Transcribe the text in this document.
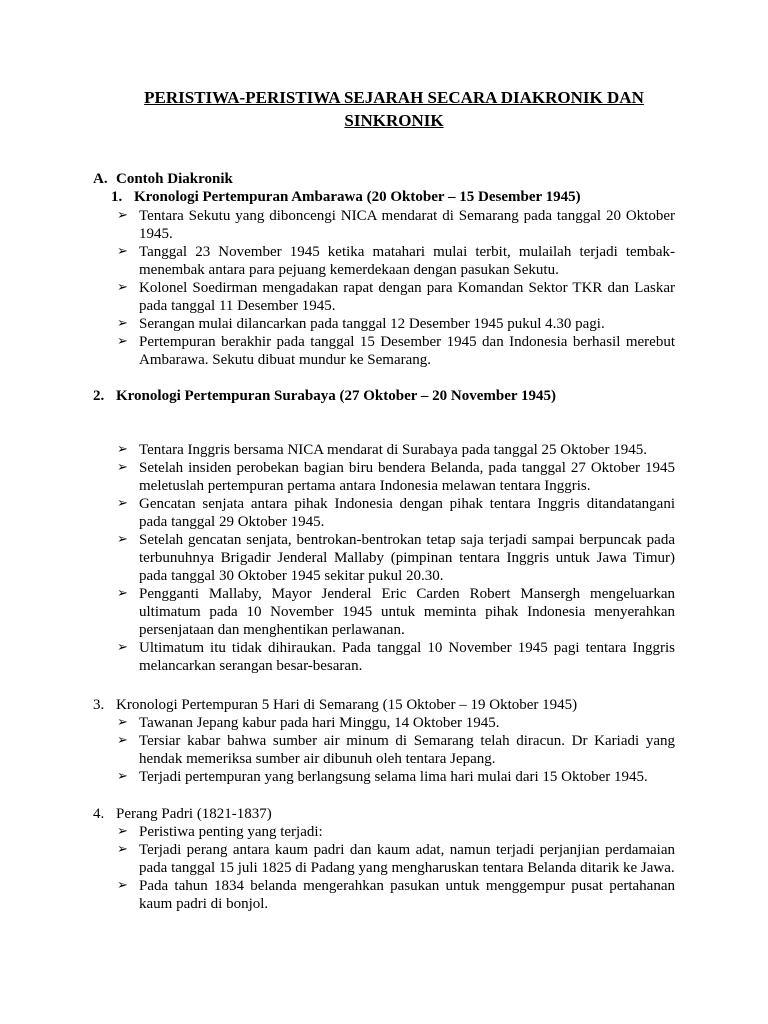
PERISTIWA-PERISTIWA SEJARAH SECARA DIAKRONIK DAN SINKRONIK
A. Contoh Diakronik
1. Kronologi Pertempuran Ambarawa (20 Oktober – 15 Desember 1945)
➢ Tentara Sekutu yang diboncengi NICA mendarat di Semarang pada tanggal 20 Oktober 1945.
➢ Tanggal 23 November 1945 ketika matahari mulai terbit, mulailah terjadi tembak-menembak antara para pejuang kemerdekaan dengan pasukan Sekutu.
➢ Kolonel Soedirman mengadakan rapat dengan para Komandan Sektor TKR dan Laskar pada tanggal 11 Desember 1945.
➢ Serangan mulai dilancarkan pada tanggal 12 Desember 1945 pukul 4.30 pagi.
➢ Pertempuran berakhir pada tanggal 15 Desember 1945 dan Indonesia berhasil merebut Ambarawa. Sekutu dibuat mundur ke Semarang.
2. Kronologi Pertempuran Surabaya (27 Oktober – 20 November 1945)
➢ Tentara Inggris bersama NICA mendarat di Surabaya pada tanggal 25 Oktober 1945.
➢ Setelah insiden perobekan bagian biru bendera Belanda, pada tanggal 27 Oktober 1945 meletuslah pertempuran pertama antara Indonesia melawan tentara Inggris.
➢ Gencatan senjata antara pihak Indonesia dengan pihak tentara Inggris ditandatangani pada tanggal 29 Oktober 1945.
➢ Setelah gencatan senjata, bentrokan-bentrokan tetap saja terjadi sampai berpuncak pada terbunuhnya Brigadir Jenderal Mallaby (pimpinan tentara Inggris untuk Jawa Timur) pada tanggal 30 Oktober 1945 sekitar pukul 20.30.
➢ Pengganti Mallaby, Mayor Jenderal Eric Carden Robert Mansergh mengeluarkan ultimatum pada 10 November 1945 untuk meminta pihak Indonesia menyerahkan persenjataan dan menghentikan perlawanan.
➢ Ultimatum itu tidak dihiraukan. Pada tanggal 10 November 1945 pagi tentara Inggris melancarkan serangan besar-besaran.
3. Kronologi Pertempuran 5 Hari di Semarang (15 Oktober – 19 Oktober 1945)
➢ Tawanan Jepang kabur pada hari Minggu, 14 Oktober 1945.
➢ Tersiar kabar bahwa sumber air minum di Semarang telah diracun. Dr Kariadi yang hendak memeriksa sumber air dibunuh oleh tentara Jepang.
➢ Terjadi pertempuran yang berlangsung selama lima hari mulai dari 15 Oktober 1945.
4. Perang Padri (1821-1837)
➢ Peristiwa penting yang terjadi:
➢ Terjadi perang antara kaum padri dan kaum adat, namun terjadi perjanjian perdamaian pada tanggal 15 juli 1825 di Padang yang mengharuskan tentara Belanda ditarik ke Jawa.
➢ Pada tahun 1834 belanda mengerahkan pasukan untuk menggempur pusat pertahanan kaum padri di bonjol.
